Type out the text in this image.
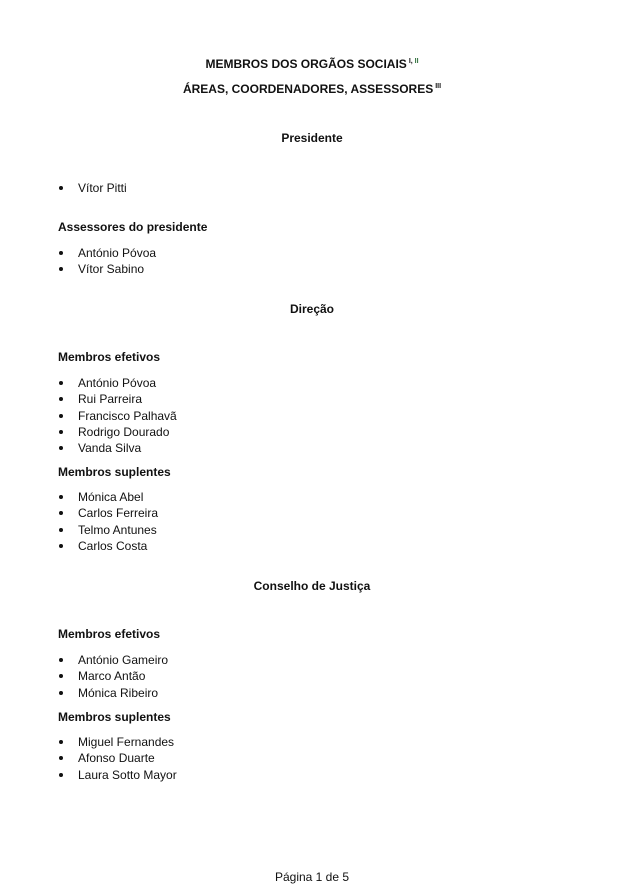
MEMBROS DOS ORGÃOS SOCIAIS $^{I, II}$
ÁREAS, COORDENADORES, ASSESSORES $^{III}$
Presidente
Vítor Pitti
Assessores do presidente
António Póvoa
Vítor Sabino
Direção
Membros efetivos
António Póvoa
Rui Parreira
Francisco Palhavã
Rodrigo Dourado
Vanda Silva
Membros suplentes
Mónica Abel
Carlos Ferreira
Telmo Antunes
Carlos Costa
Conselho de Justiça
Membros efetivos
António Gameiro
Marco Antão
Mónica Ribeiro
Membros suplentes
Miguel Fernandes
Afonso Duarte
Laura Sotto Mayor
Página 1 de 5
